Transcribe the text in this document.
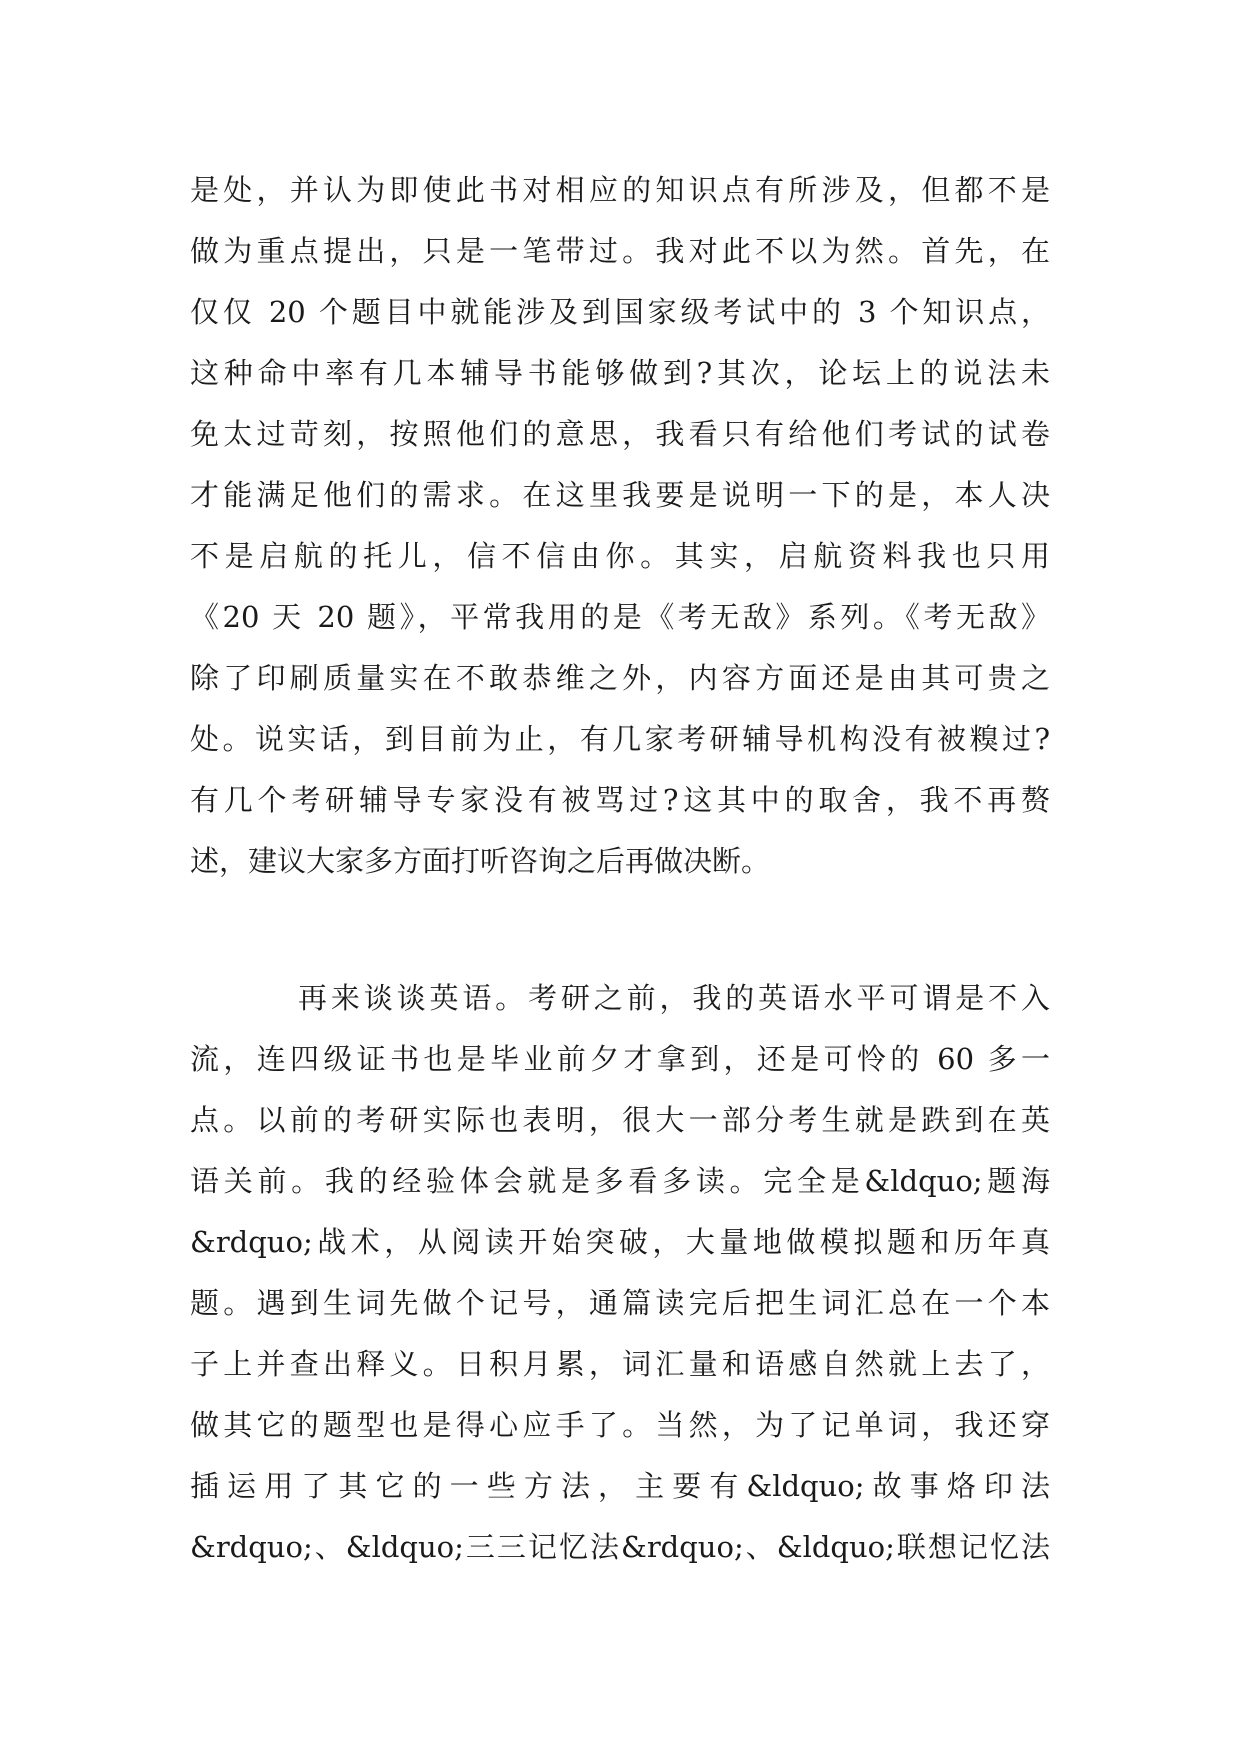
是处，并认为即使此书对相应的知识点有所涉及，但都不是
做为重点提出，只是一笔带过。我对此不以为然。首先，在
仅仅 20 个题目中就能涉及到国家级考试中的 3 个知识点，
这种命中率有几本辅导书能够做到?其次，论坛上的说法未
免太过苛刻，按照他们的意思，我看只有给他们考试的试卷
才能满足他们的需求。在这里我要是说明一下的是，本人决
不是启航的托儿，信不信由你。其实，启航资料我也只用
《20 天 20 题》，平常我用的是《考无敌》系列。《考无敌》
除了印刷质量实在不敢恭维之外，内容方面还是由其可贵之
处。说实话，到目前为止，有几家考研辅导机构没有被糗过?
有几个考研辅导专家没有被骂过?这其中的取舍，我不再赘
述，建议大家多方面打听咨询之后再做决断。
再来谈谈英语。考研之前，我的英语水平可谓是不入
流，连四级证书也是毕业前夕才拿到，还是可怜的 60 多一
点。以前的考研实际也表明，很大一部分考生就是跌到在英
语关前。我的经验体会就是多看多读。完全是&ldquo;题海
&rdquo;战术，从阅读开始突破，大量地做模拟题和历年真
题。遇到生词先做个记号，通篇读完后把生词汇总在一个本
子上并查出释义。日积月累，词汇量和语感自然就上去了，
做其它的题型也是得心应手了。当然，为了记单词，我还穿
插运用了其它的一些方法，主要有&ldquo;故事烙印法
&rdquo;、&ldquo;三三记忆法&rdquo;、&ldquo;联想记忆法
